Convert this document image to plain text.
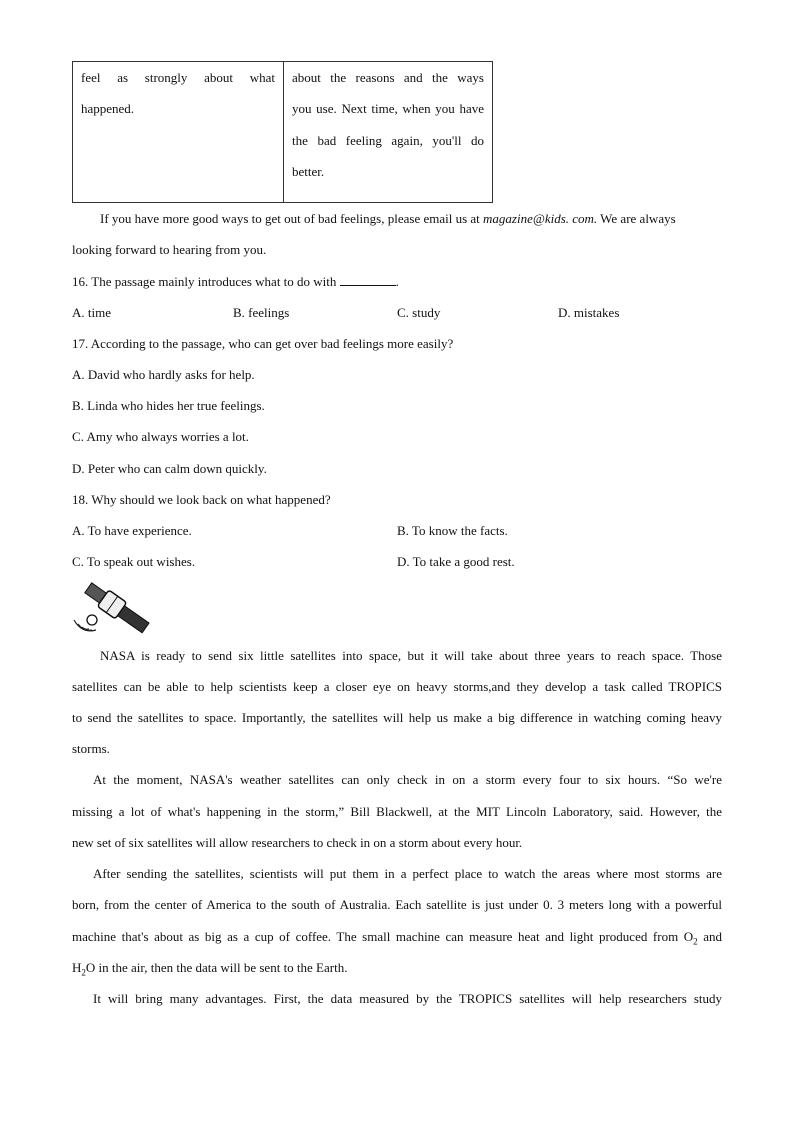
feel as strongly about what
happened.

about the reasons and the ways
you use. Next time, when you have
the bad feeling again, you'll do
better.
If you have more good ways to get out of bad feelings, please email us at magazine@kids. com. We are always
looking forward to hearing from you.
16. The passage mainly introduces what to do with	.
A. time	B. feelings	C. study	D. mistakes
17. According to the passage, who can get over bad feelings more easily?
A. David who hardly asks for help.
B. Linda who hides her true feelings.
C. Amy who always worries a lot.
D. Peter who can calm down quickly.
18. Why should we look back on what happened?
A. To have experience.	B. To know the facts.
C. To speak out wishes.	D. To take a good rest.
NASA is ready to send six little satellites into space, but it will take about three years to reach space. Those
satellites can be able to help scientists keep a closer eye on heavy storms,and they develop a task called TROPICS
to send the satellites to space. Importantly, the satellites will help us make a big difference in watching coming heavy
storms.
At the moment, NASA's weather satellites can only check in on a storm every four to six hours. “So we're
missing a lot of what's happening in the storm,” Bill Blackwell, at the MIT Lincoln Laboratory, said. However, the
new set of six satellites will allow researchers to check in on a storm about every hour.
After sending the satellites, scientists will put them in a perfect place to watch the areas where most storms are
born, from the center of America to the south of Australia. Each satellite is just under 0. 3 meters long with a powerful
machine that's about as big as a cup of coffee. The small machine can measure heat and light produced from $O_2$ and
$H_2O$ in the air, then the data will be sent to the Earth.
It will bring many advantages. First, the data measured by the TROPICS satellites will help researchers study
